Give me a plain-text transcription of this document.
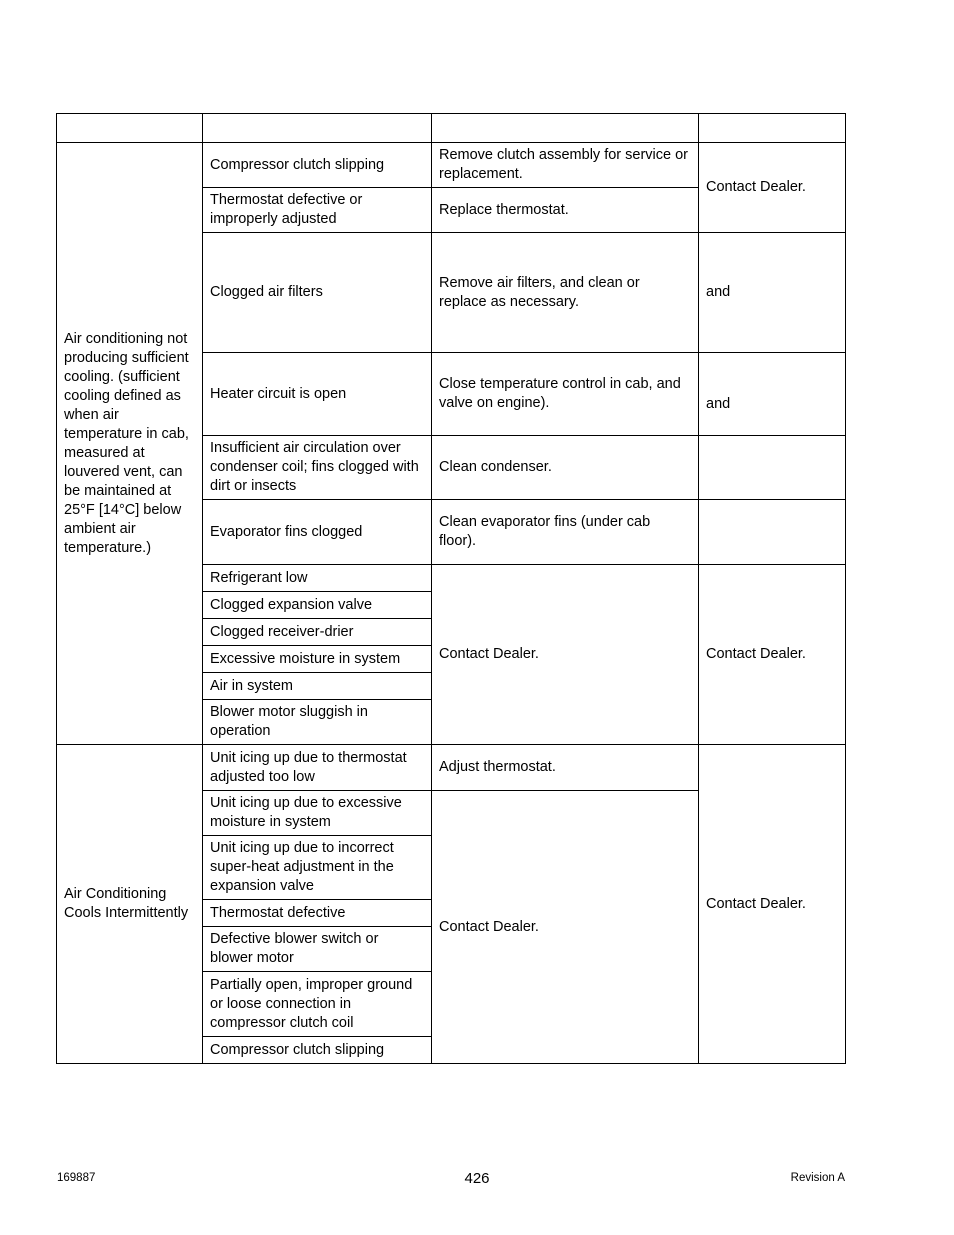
Air conditioning not producing sufficient cooling. (sufficient cooling defined as when air temperature in cab, measured at louvered vent, can be maintained at 25°F [14°C] below ambient air temperature.)	Compressor clutch slipping	Remove clutch assembly for service or replacement.	Contact Dealer.
	Thermostat defective or improperly adjusted	Replace thermostat.	
	Clogged air filters	Remove air filters, and clean or replace as necessary.	and
	Heater circuit is open	Close temperature control in cab, and valve on engine).	and
	Insufficient air circulation over condenser coil; fins clogged with dirt or insects	Clean condenser.	
	Evaporator fins clogged	Clean evaporator fins (under cab floor).	
	Refrigerant low	Contact Dealer.	Contact Dealer.
	Clogged expansion valve		
	Clogged receiver-drier		
	Excessive moisture in system		
	Air in system		
	Blower motor sluggish in operation		
Air Conditioning Cools Intermittently	Unit icing up due to thermostat adjusted too low	Adjust thermostat.	Contact Dealer.
	Unit icing up due to excessive moisture in system	Contact Dealer.	
	Unit icing up due to incorrect super-heat adjustment in the expansion valve		
	Thermostat defective		
	Defective blower switch or blower motor		
	Partially open, improper ground or loose connection in compressor clutch coil		
	Compressor clutch slipping		
169887	426	Revision A
